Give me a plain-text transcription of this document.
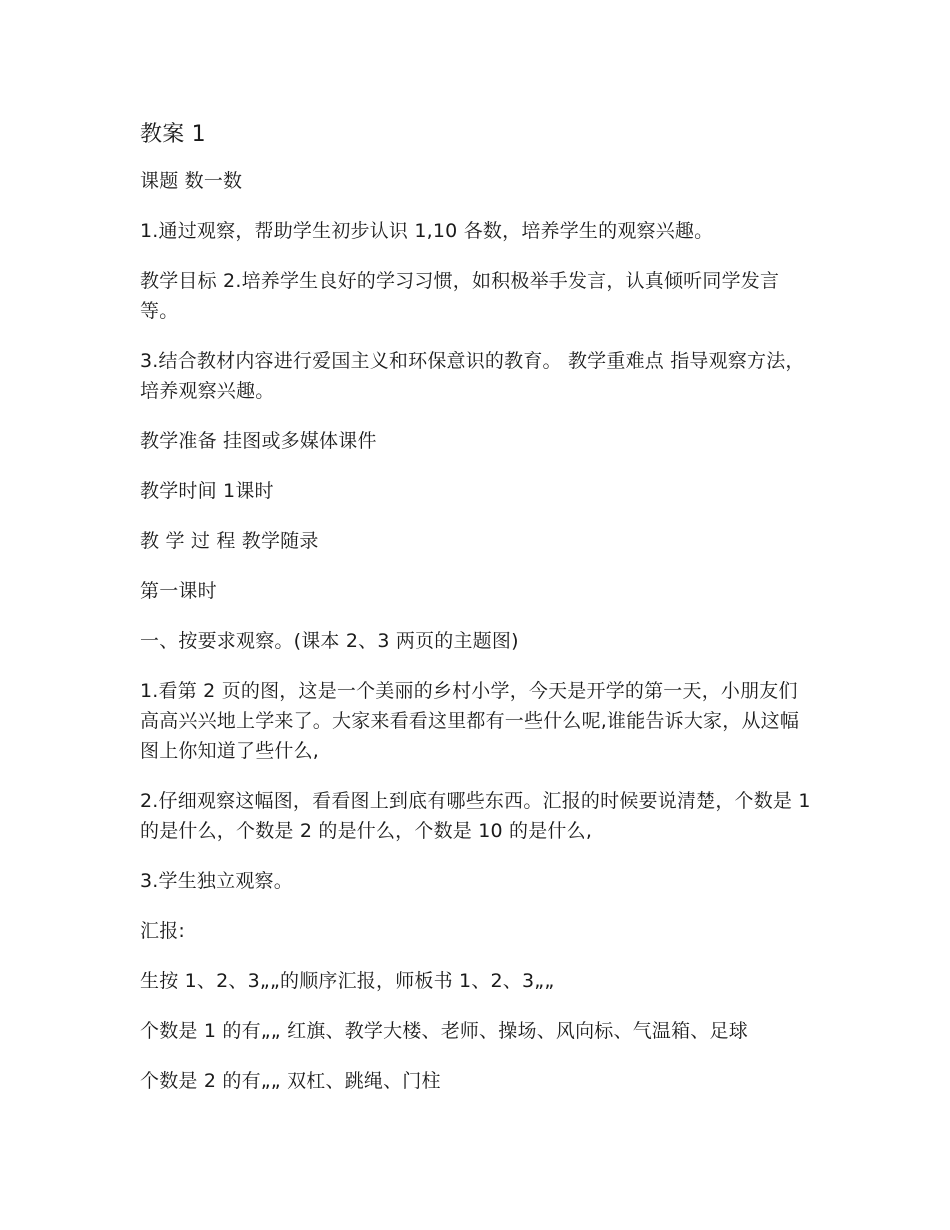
教案 1
课题 数一数
1.通过观察，帮助学生初步认识 1,10 各数，培养学生的观察兴趣。
教学目标 2.培养学生良好的学习习惯，如积极举手发言，认真倾听同学发言等。
3.结合教材内容进行爱国主义和环保意识的教育。 教学重难点 指导观察方法，培养观察兴趣。
教学准备 挂图或多媒体课件
教学时间 1课时
教 学 过 程 教学随录
第一课时
一、按要求观察。(课本 2、3 两页的主题图)
1.看第 2 页的图，这是一个美丽的乡村小学，今天是开学的第一天，小朋友们高高兴兴地上学来了。大家来看看这里都有一些什么呢,谁能告诉大家，从这幅图上你知道了些什么,
2.仔细观察这幅图，看看图上到底有哪些东西。汇报的时候要说清楚，个数是 1 的是什么，个数是 2 的是什么，个数是 10 的是什么,
3.学生独立观察。
汇报:
生按 1、2、3„„的顺序汇报，师板书 1、2、3„„
个数是 1 的有„„ 红旗、教学大楼、老师、操场、风向标、气温箱、足球
个数是 2 的有„„ 双杠、跳绳、门柱
